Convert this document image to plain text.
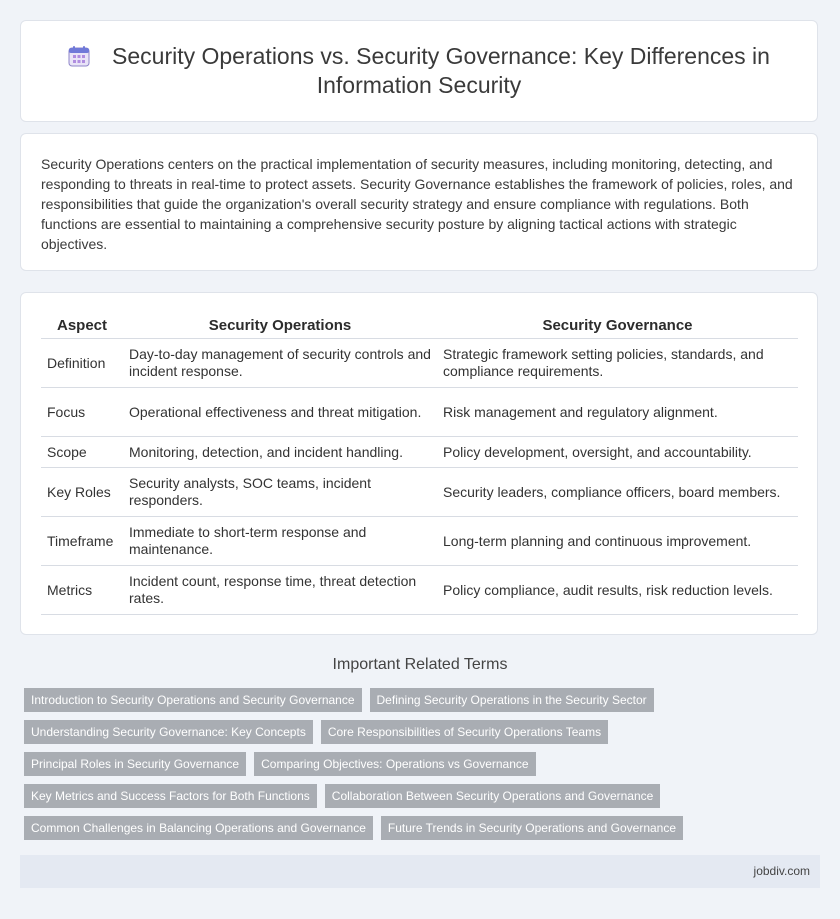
Security Operations vs. Security Governance: Key Differences in Information Security
Security Operations centers on the practical implementation of security measures, including monitoring, detecting, and responding to threats in real-time to protect assets. Security Governance establishes the framework of policies, roles, and responsibilities that guide the organization's overall security strategy and ensure compliance with regulations. Both functions are essential to maintaining a comprehensive security posture by aligning tactical actions with strategic objectives.
Aspect	Security Operations	Security Governance
Definition	Day-to-day management of security controls and incident response.	Strategic framework setting policies, standards, and compliance requirements.
Focus	Operational effectiveness and threat mitigation.	Risk management and regulatory alignment.
Scope	Monitoring, detection, and incident handling.	Policy development, oversight, and accountability.
Key Roles	Security analysts, SOC teams, incident responders.	Security leaders, compliance officers, board members.
Timeframe	Immediate to short-term response and maintenance.	Long-term planning and continuous improvement.
Metrics	Incident count, response time, threat detection rates.	Policy compliance, audit results, risk reduction levels.
Important Related Terms
Introduction to Security Operations and Security Governance	Defining Security Operations in the Security Sector
Understanding Security Governance: Key Concepts	Core Responsibilities of Security Operations Teams
Principal Roles in Security Governance	Comparing Objectives: Operations vs Governance
Key Metrics and Success Factors for Both Functions	Collaboration Between Security Operations and Governance
Common Challenges in Balancing Operations and Governance	Future Trends in Security Operations and Governance
jobdiv.com
